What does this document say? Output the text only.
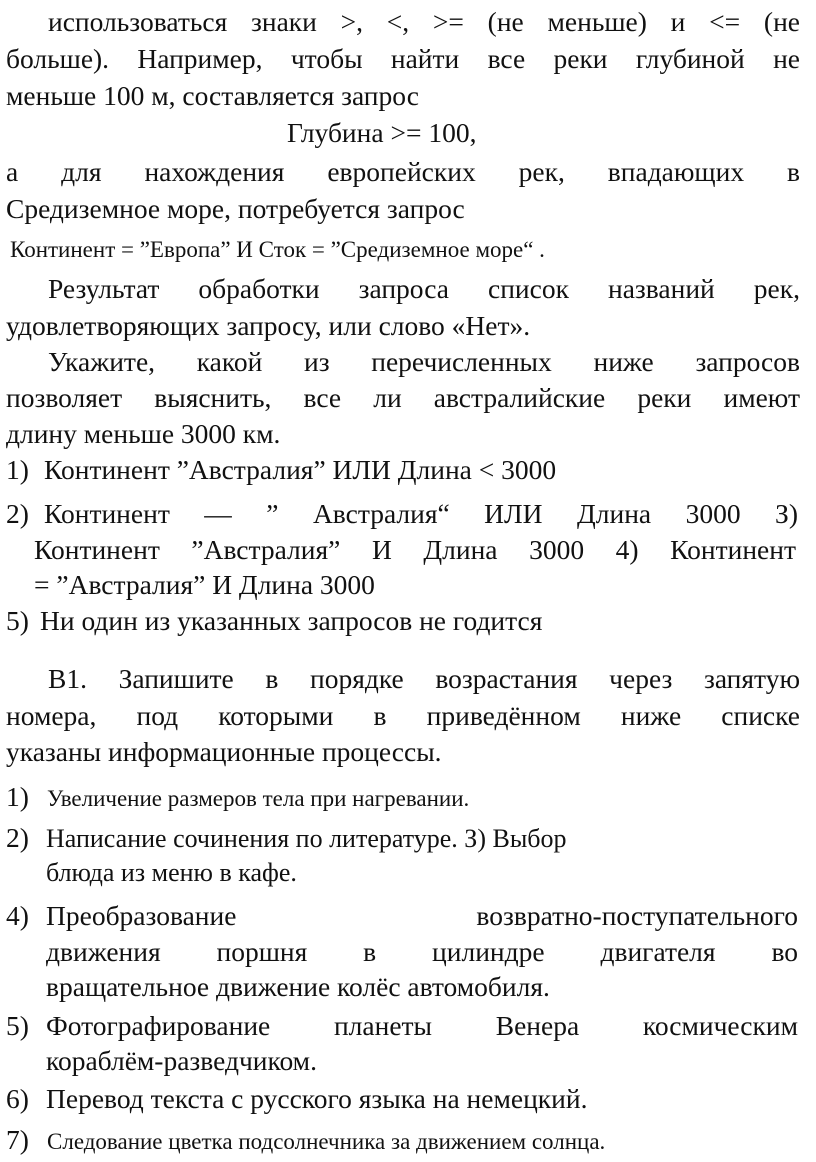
использоваться знаки >, <, >= (не меньше) и <= (не
больше). Например, чтобы найти все реки глубиной не
меньше 100 м, составляется запрос
Глубина >= 100,
а для нахождения европейских рек, впадающих в
Средиземное море, потребуется запрос
Континент = ”Европа” И Сток = ”Средиземное море“ .
Результат обработки запроса список названий рек,
удовлетворяющих запросу, или слово «Нет».
Укажите, какой из перечисленных ниже запросов
позволяет выяснить, все ли австралийские реки имеют
длину меньше 3000 км.
1) Континент ”Австралия” ИЛИ Длина < 3000
2) Континент — ” Австралия“ ИЛИ Длина 3000 З)
Континент ”Австралия” И Длина 3000 4) Континент
= ”Австралия” И Длина 3000
5) Ни один из указанных запросов не годится
В1. Запишите в порядке возрастания через запятую
номера, под которыми в приведённом ниже списке
указаны информационные процессы.
1) Увеличение размеров тела при нагревании.
2) Написание сочинения по литературе. З) Выбор
блюда из меню в кафе.
4) Преобразование возвратно-поступательного
движения поршня в цилиндре двигателя во
вращательное движение колёс автомобиля.
5) Фотографирование планеты Венера космическим
кораблём-разведчиком.
6) Перевод текста с русского языка на немецкий.
7) Следование цветка подсолнечника за движением солнца.
